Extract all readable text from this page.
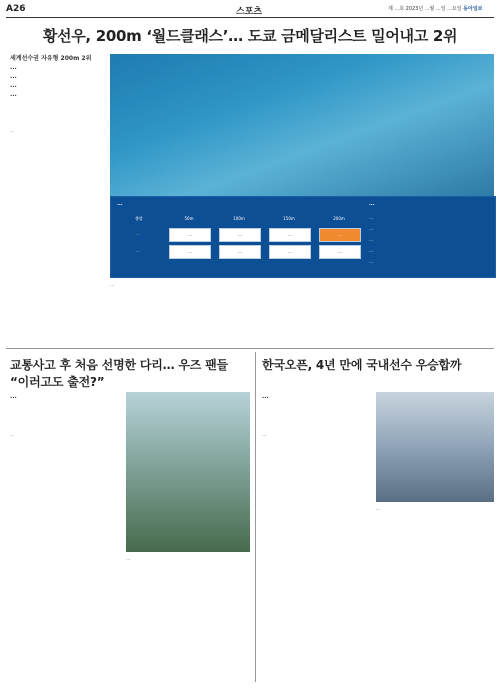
A26	스포츠	제 ...호 2023년 ...월 ...일 ...요일 동아일보
황선우, 200m ‘월드클래스’… 도쿄 금메달리스트 밀어내고 2위
세계선수권 자유형 200m 2위
...
...
...
...
...
...	...
출발	50m	100m	150m	200m
...	...	...	...	...
...	...	...	...	...
...
...
...
...
...
...
교통사고 후 처음 선명한 다리… 우즈 팬들 “이러고도 출전?”
...
...
...
한국오픈, 4년 만에 국내선수 우승합까
...
...
...
